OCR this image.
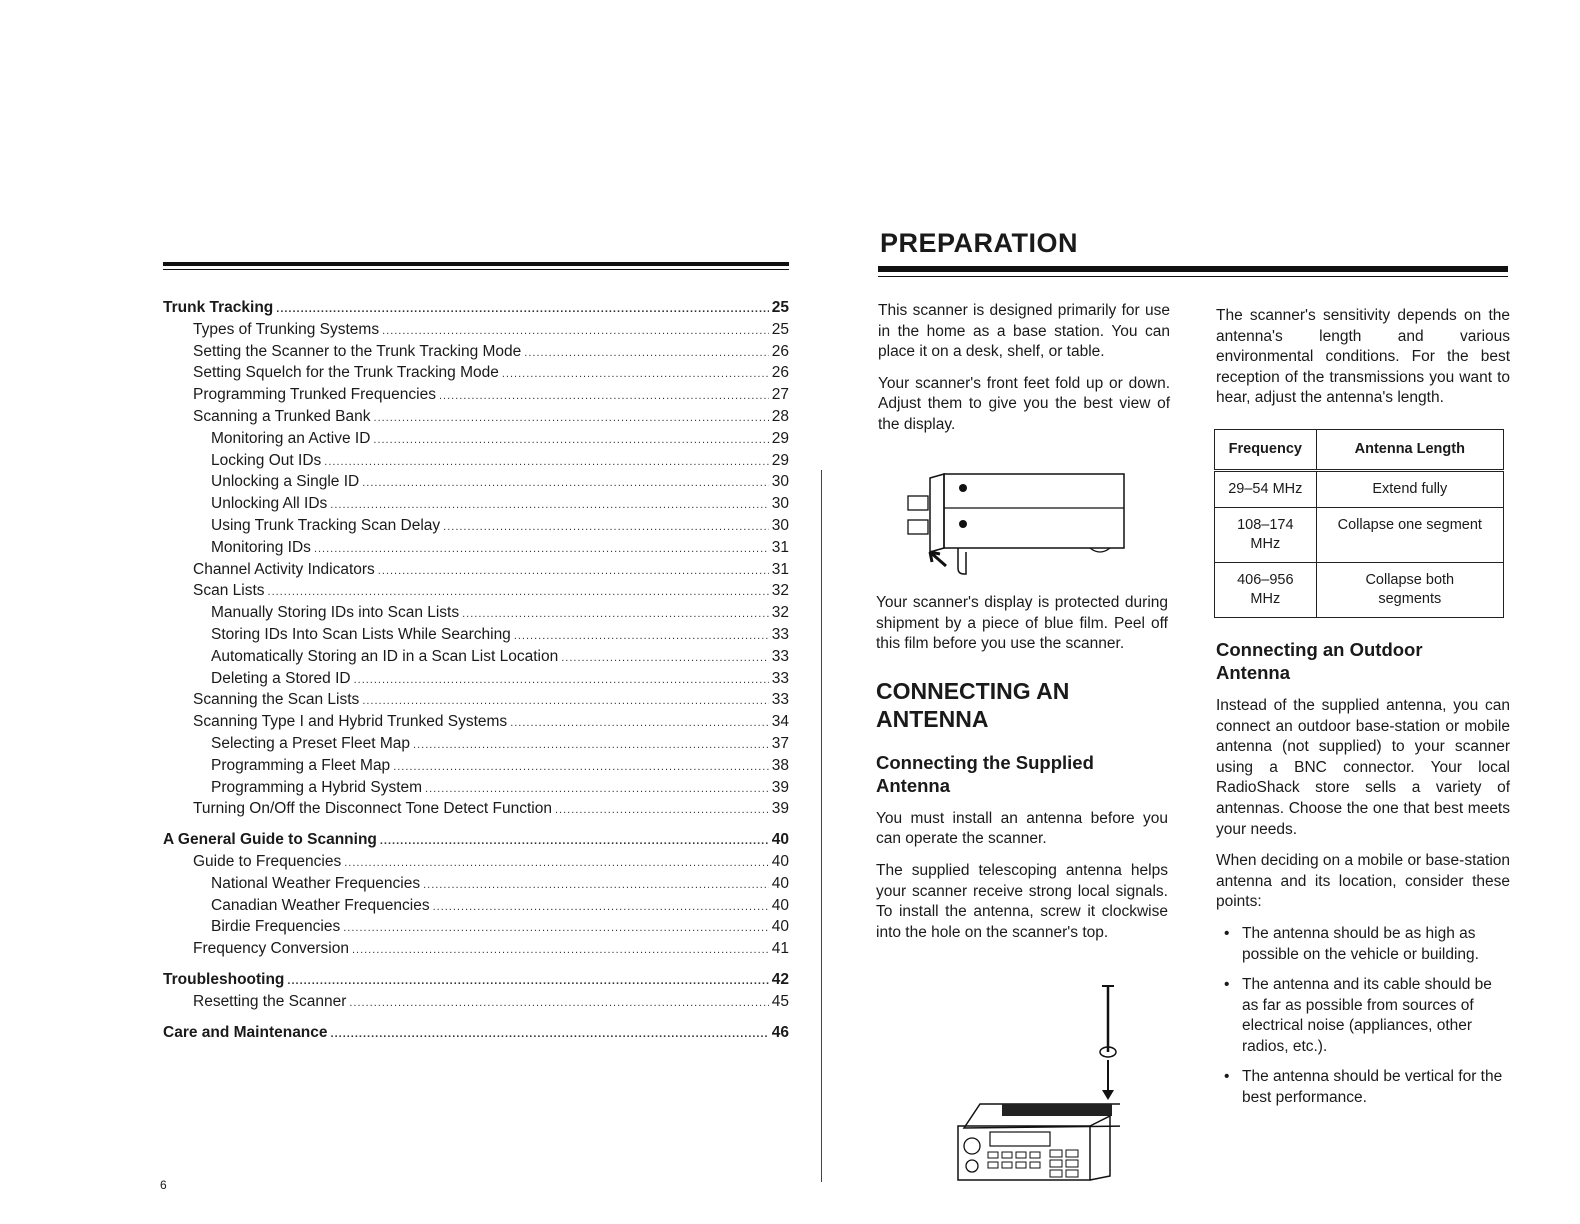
Trunk Tracking .....	25
Types of Trunking Systems .....	25
Setting the Scanner to the Trunk Tracking Mode .....	26
Setting Squelch for the Trunk Tracking Mode .....	26
Programming Trunked Frequencies .....	27
Scanning a Trunked Bank .....	28
Monitoring an Active ID .....	29
Locking Out IDs .....	29
Unlocking a Single ID .....	30
Unlocking All IDs .....	30
Using Trunk Tracking Scan Delay .....	30
Monitoring IDs .....	31
Channel Activity Indicators .....	31
Scan Lists .....	32
Manually Storing IDs into Scan Lists .....	32
Storing IDs Into Scan Lists While Searching .....	33
Automatically Storing an ID in a Scan List Location .....	33
Deleting a Stored ID .....	33
Scanning the Scan Lists .....	33
Scanning Type I and Hybrid Trunked Systems .....	34
Selecting a Preset Fleet Map .....	37
Programming a Fleet Map .....	38
Programming a Hybrid System .....	39
Turning On/Off the Disconnect Tone Detect Function .....	39
A General Guide to Scanning .....	40
Guide to Frequencies .....	40
National Weather Frequencies .....	40
Canadian Weather Frequencies .....	40
Birdie Frequencies .....	40
Frequency Conversion .....	41
Troubleshooting .....	42
Resetting the Scanner .....	45
Care and Maintenance .....	46
6
PREPARATION

This scanner is designed primarily for use in the home as a base station. You can place it on a desk, shelf, or table.

Your scanner's front feet fold up or down. Adjust them to give you the best view of the display.

Your scanner's display is protected during shipment by a piece of blue film. Peel off this film before you use the scanner.

CONNECTING AN ANTENNA
Connecting the Supplied Antenna

You must install an antenna before you can operate the scanner.

The supplied telescoping antenna helps your scanner receive strong local signals. To install the antenna, screw it clockwise into the hole on the scanner's top.

The scanner's sensitivity depends on the antenna's length and various environmental conditions. For the best reception of the transmissions you want to hear, adjust the antenna's length.

Frequency	Antenna Length
29–54 MHz	Extend fully
108–174 MHz	Collapse one segment
406–956 MHz	Collapse both segments
Connecting an Outdoor Antenna

Instead of the supplied antenna, you can connect an outdoor base-station or mobile antenna (not supplied) to your scanner using a BNC connector. Your local RadioShack store sells a variety of antennas. Choose the one that best meets your needs.

When deciding on a mobile or base-station antenna and its location, consider these points:

• The antenna should be as high as possible on the vehicle or building.
• The antenna and its cable should be as far as possible from sources of electrical noise (appliances, other radios, etc.).
• The antenna should be vertical for the best performance.
